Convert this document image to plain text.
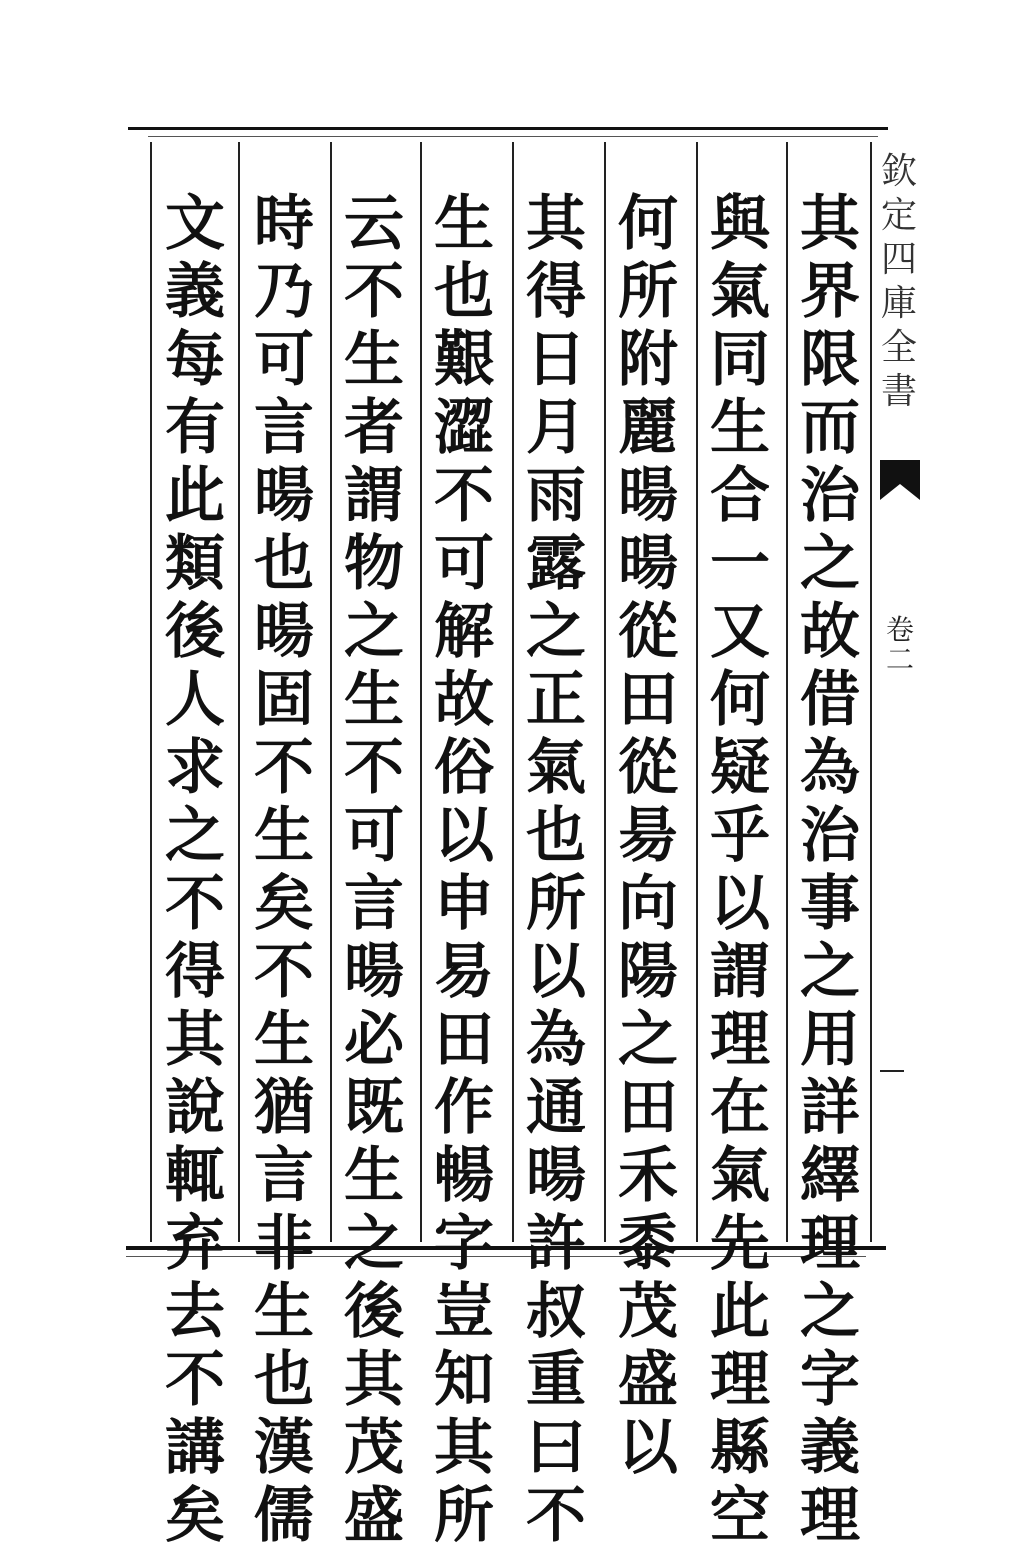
其
界
限
而
治
之
故
借
為
治
事
之
用
詳
繹
理
之
字
義
理
與
氣
同
生
合
一
又
何
疑
乎
以
謂
理
在
氣
先
此
理
縣
空
何
所
附
麗
暘
暘
從
田
從
昜
向
陽
之
田
禾
黍
茂
盛
以
其
得
日
月
雨
露
之
正
氣
也
所
以
為
通
暘
許
叔
重
曰
不
生
也
艱
澀
不
可
解
故
俗
以
申
易
田
作
暢
字
豈
知
其
所
云
不
生
者
謂
物
之
生
不
可
言
暘
必
既
生
之
後
其
茂
盛
時
乃
可
言
暘
也
暘
固
不
生
矣
不
生
猶
言
非
生
也
漢
儒
文
義
每
有
此
類
後
人
求
之
不
得
其
說
輒
弃
去
不
講
矣
欽
定
四
庫
全
書
卷
二
